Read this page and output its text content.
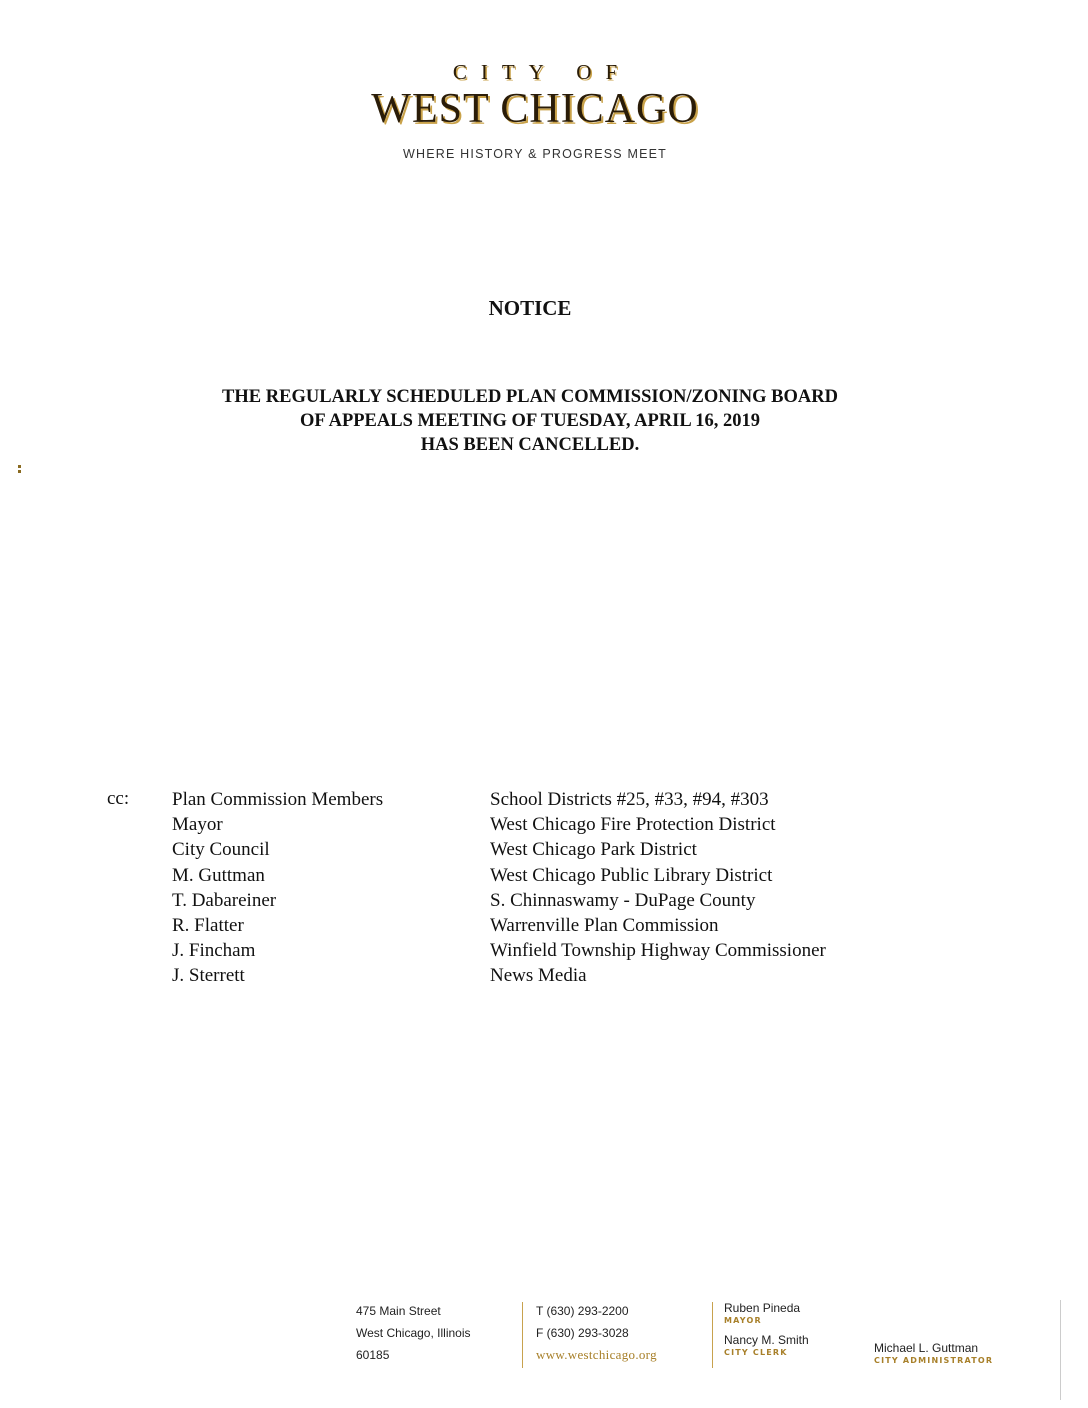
CITY OF
WEST CHICAGO
WHERE HISTORY & PROGRESS MEET
NOTICE
THE REGULARLY SCHEDULED PLAN COMMISSION/ZONING BOARD
OF APPEALS MEETING OF TUESDAY, APRIL 16, 2019
HAS BEEN CANCELLED.
cc: Plan Commission Members
Mayor
City Council
M. Guttman
T. Dabareiner
R. Flatter
J. Fincham
J. Sterrett
School Districts #25, #33, #94, #303
West Chicago Fire Protection District
West Chicago Park District
West Chicago Public Library District
S. Chinnaswamy - DuPage County
Warrenville Plan Commission
Winfield Township Highway Commissioner
News Media
475 Main Street
West Chicago, Illinois
60185
T (630) 293-2200
F (630) 293-3028
www.westchicago.org
Ruben Pineda
MAYOR
Nancy M. Smith
CITY CLERK	Michael L. Guttman
CITY ADMINISTRATOR
